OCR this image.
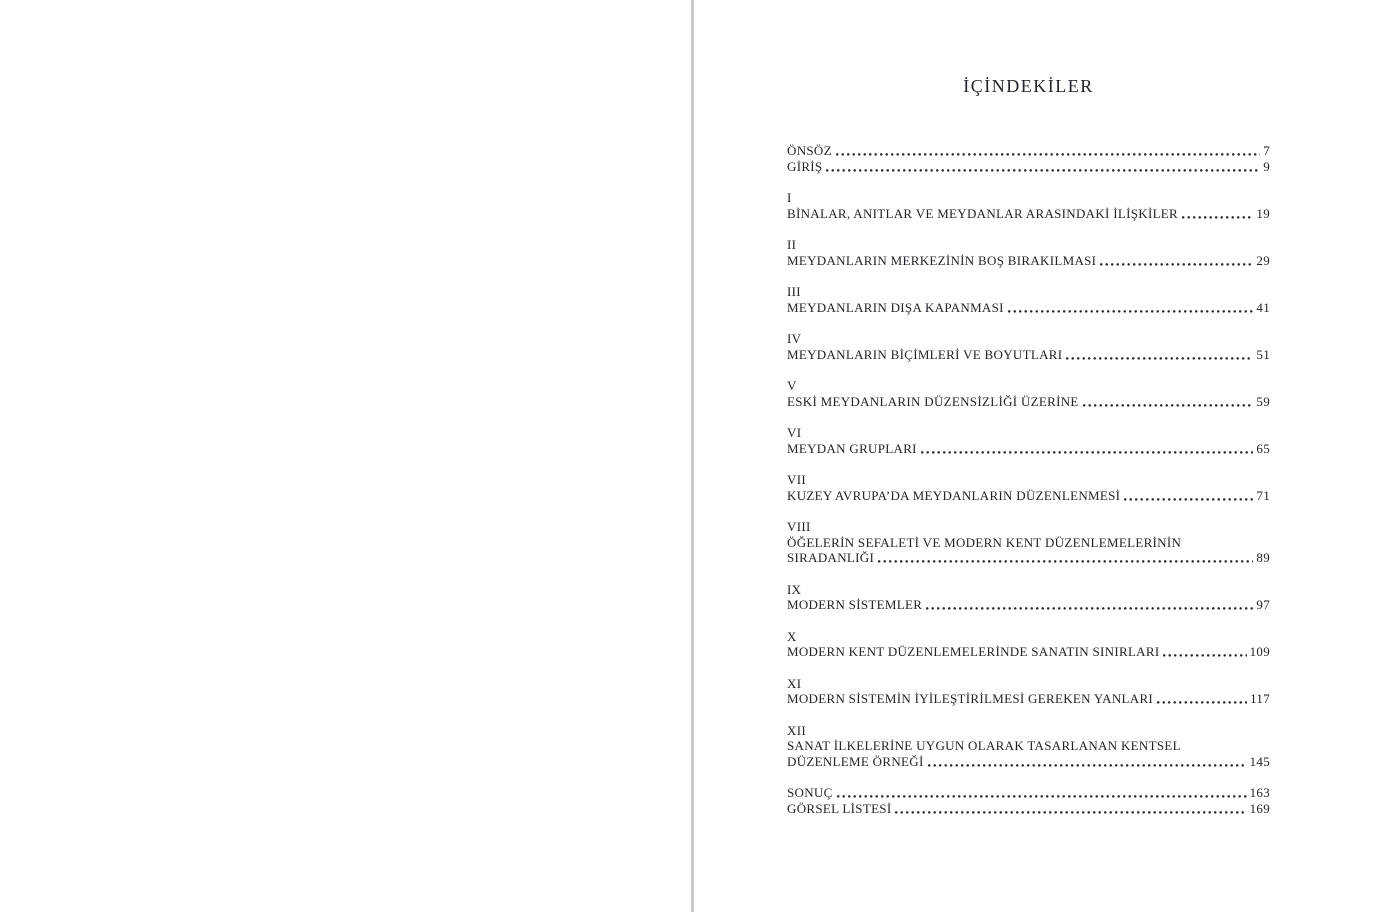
İÇİNDEKİLER
ÖNSÖZ	7
GİRİŞ	9
I
BİNALAR, ANITLAR VE MEYDANLAR ARASINDAKİ İLİŞKİLER	19
II
MEYDANLARIN MERKEZİNİN BOŞ BIRAKILMASI	29
III
MEYDANLARIN DIŞA KAPANMASI	41
IV
MEYDANLARIN BİÇİMLERİ VE BOYUTLARI	51
V
ESKİ MEYDANLARIN DÜZENSİZLİĞİ ÜZERİNE	59
VI
MEYDAN GRUPLARI	65
VII
KUZEY AVRUPA’DA MEYDANLARIN DÜZENLENMESİ	71
VIII
ÖĞELERİN SEFALETİ VE MODERN KENT DÜZENLEMELERİNİN
SIRADANLIĞI	89
IX
MODERN SİSTEMLER	97
X
MODERN KENT DÜZENLEMELERİNDE SANATIN SINIRLARI	109
XI
MODERN SİSTEMİN İYİLEŞTİRİLMESİ GEREKEN YANLARI	117
XII
SANAT İLKELERİNE UYGUN OLARAK TASARLANAN KENTSEL
DÜZENLEME ÖRNEĞİ	145
SONUÇ	163
GÖRSEL LİSTESİ	169
